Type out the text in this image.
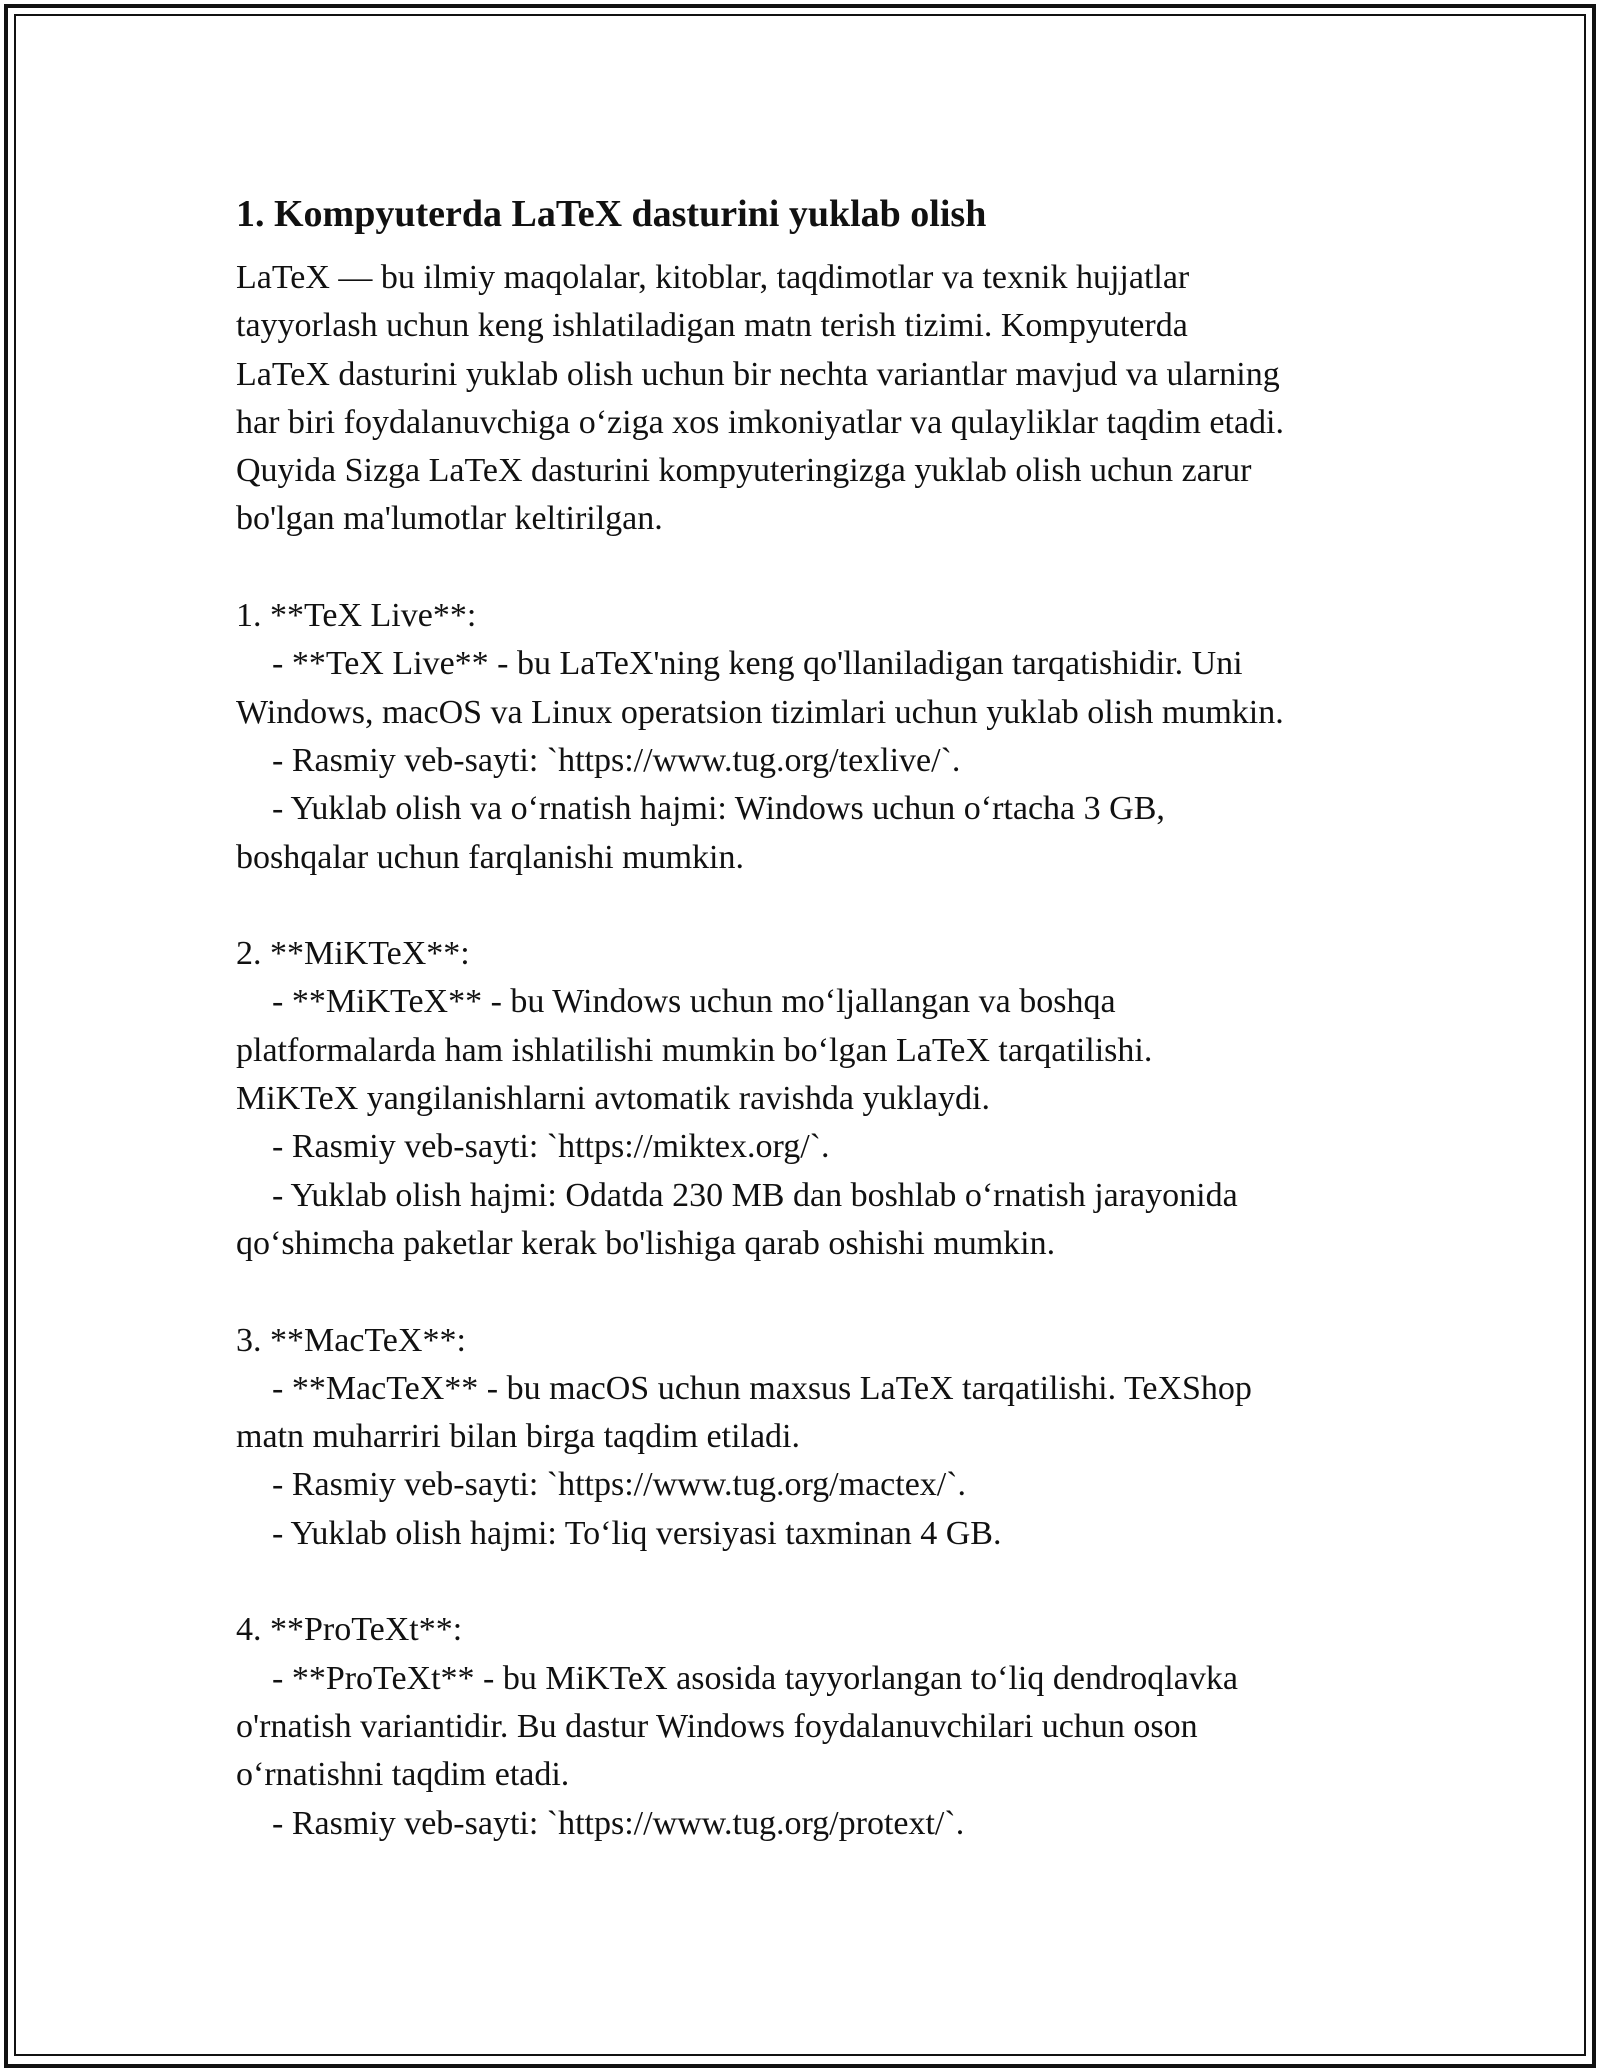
1. Kompyuterda LaTeX dasturini yuklab olish
LaTeX — bu ilmiy maqolalar, kitoblar, taqdimotlar va texnik hujjatlar
tayyorlash uchun keng ishlatiladigan matn terish tizimi. Kompyuterda
LaTeX dasturini yuklab olish uchun bir nechta variantlar mavjud va ularning
har biri foydalanuvchiga o‘ziga xos imkoniyatlar va qulayliklar taqdim etadi.
Quyida Sizga LaTeX dasturini kompyuteringizga yuklab olish uchun zarur
bo'lgan ma'lumotlar keltirilgan.
1. **TeX Live**:
- **TeX Live** - bu LaTeX'ning keng qo'llaniladigan tarqatishidir. Uni
Windows, macOS va Linux operatsion tizimlari uchun yuklab olish mumkin.
- Rasmiy veb-sayti: `https://www.tug.org/texlive/`.
- Yuklab olish va o‘rnatish hajmi: Windows uchun o‘rtacha 3 GB,
boshqalar uchun farqlanishi mumkin.
2. **MiKTeX**:
- **MiKTeX** - bu Windows uchun mo‘ljallangan va boshqa
platformalarda ham ishlatilishi mumkin bo‘lgan LaTeX tarqatilishi.
MiKTeX yangilanishlarni avtomatik ravishda yuklaydi.
- Rasmiy veb-sayti: `https://miktex.org/`.
- Yuklab olish hajmi: Odatda 230 MB dan boshlab o‘rnatish jarayonida
qo‘shimcha paketlar kerak bo'lishiga qarab oshishi mumkin.
3. **MacTeX**:
- **MacTeX** - bu macOS uchun maxsus LaTeX tarqatilishi. TeXShop
matn muharriri bilan birga taqdim etiladi.
- Rasmiy veb-sayti: `https://www.tug.org/mactex/`.
- Yuklab olish hajmi: To‘liq versiyasi taxminan 4 GB.
4. **ProTeXt**:
- **ProTeXt** - bu MiKTeX asosida tayyorlangan to‘liq dendroqlavka
o'rnatish variantidir. Bu dastur Windows foydalanuvchilari uchun oson
o‘rnatishni taqdim etadi.
- Rasmiy veb-sayti: `https://www.tug.org/protext/`.
